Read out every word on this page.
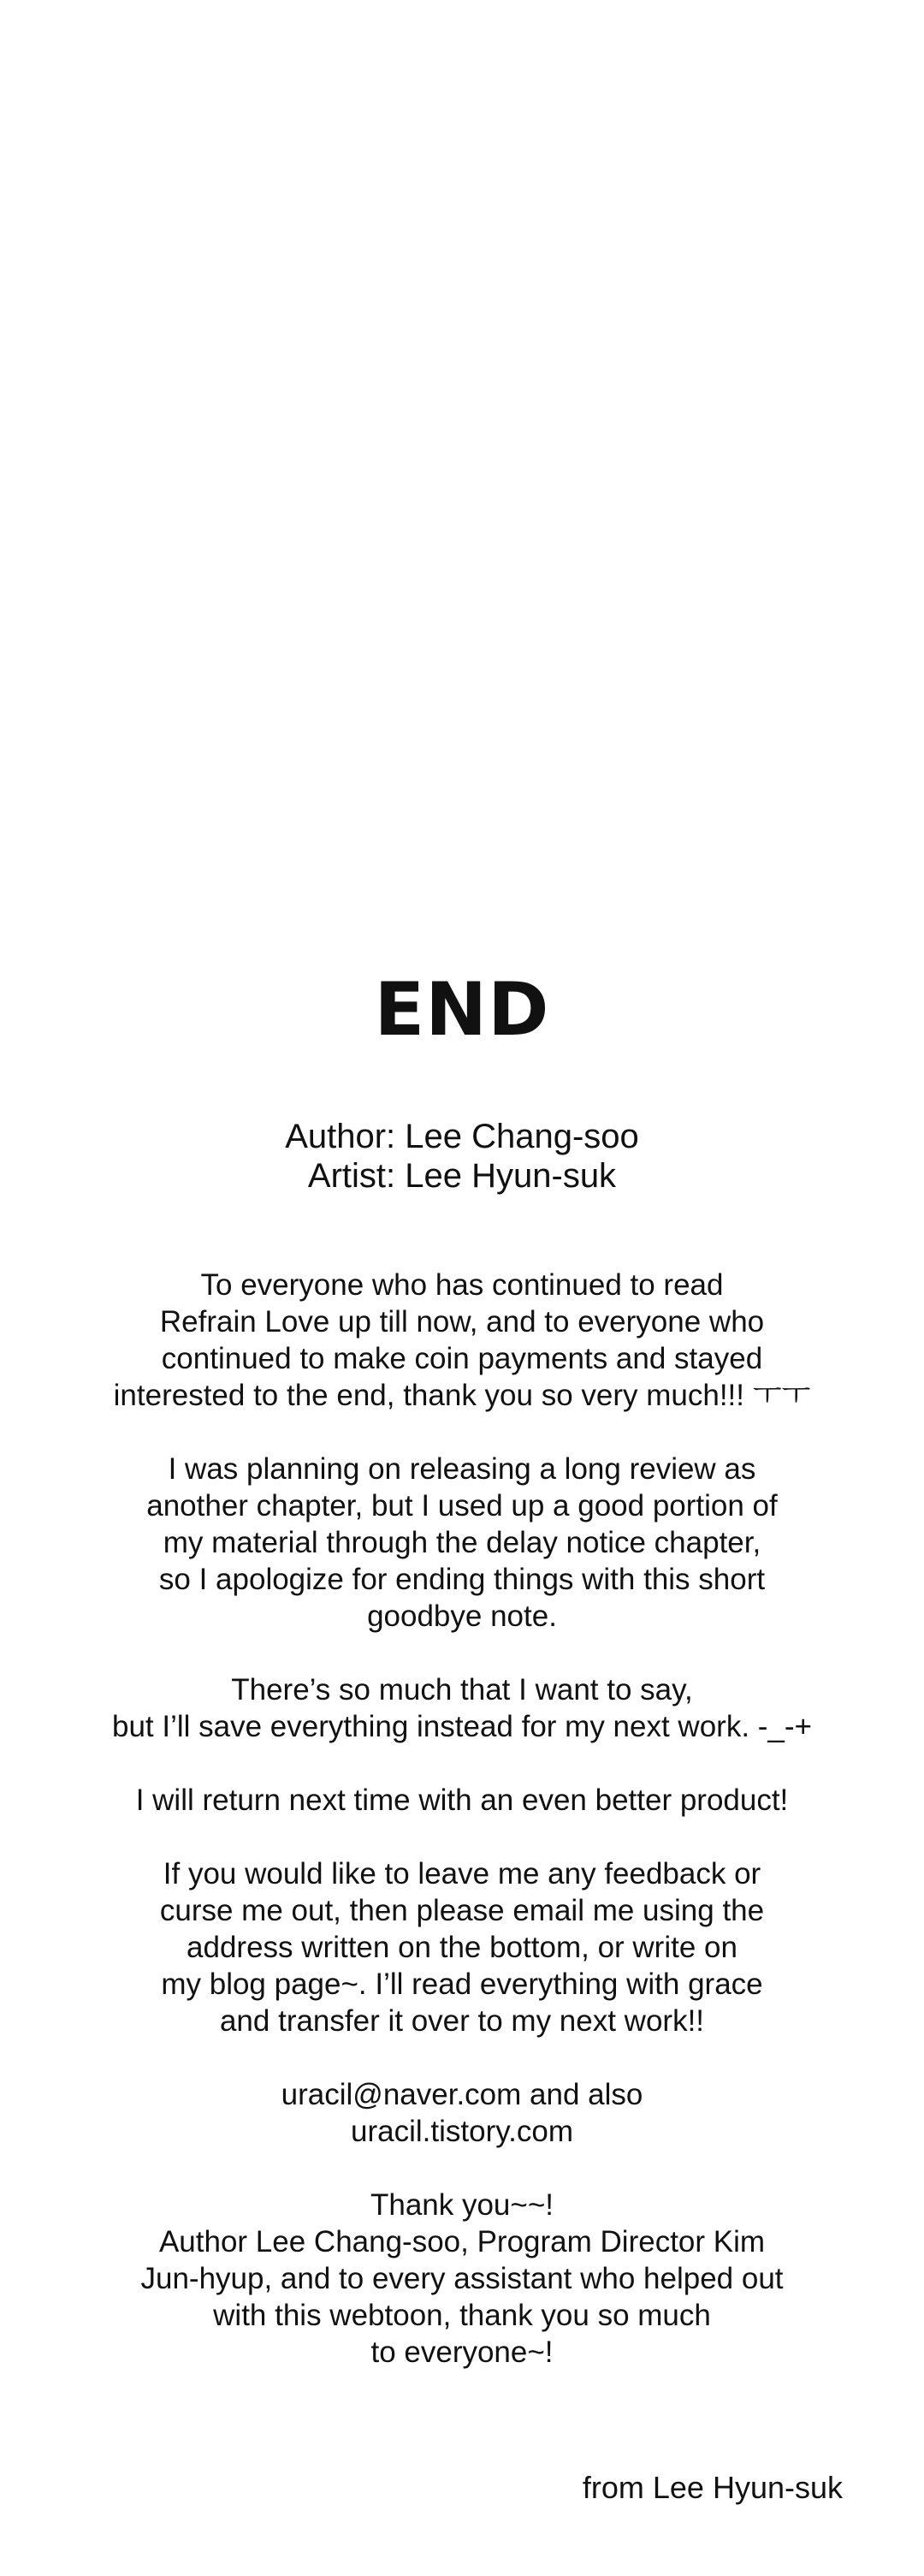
END
Author: Lee Chang-soo
Artist: Lee Hyun-suk
To everyone who has continued to read
Refrain Love up till now, and to everyone who
continued to make coin payments and stayed
interested to the end, thank you so very much!!! ㅜㅜ
I was planning on releasing a long review as
another chapter, but I used up a good portion of
my material through the delay notice chapter,
so I apologize for ending things with this short
goodbye note.
There’s so much that I want to say,
but I’ll save everything instead for my next work. -_-+
I will return next time with an even better product!
If you would like to leave me any feedback or
curse me out, then please email me using the
address written on the bottom, or write on
my blog page~. I’ll read everything with grace
and transfer it over to my next work!!
uracil@naver.com and also
uracil.tistory.com
Thank you~~!
Author Lee Chang-soo, Program Director Kim
Jun-hyup, and to every assistant who helped out
with this webtoon, thank you so much
to everyone~!
from Lee Hyun-suk
